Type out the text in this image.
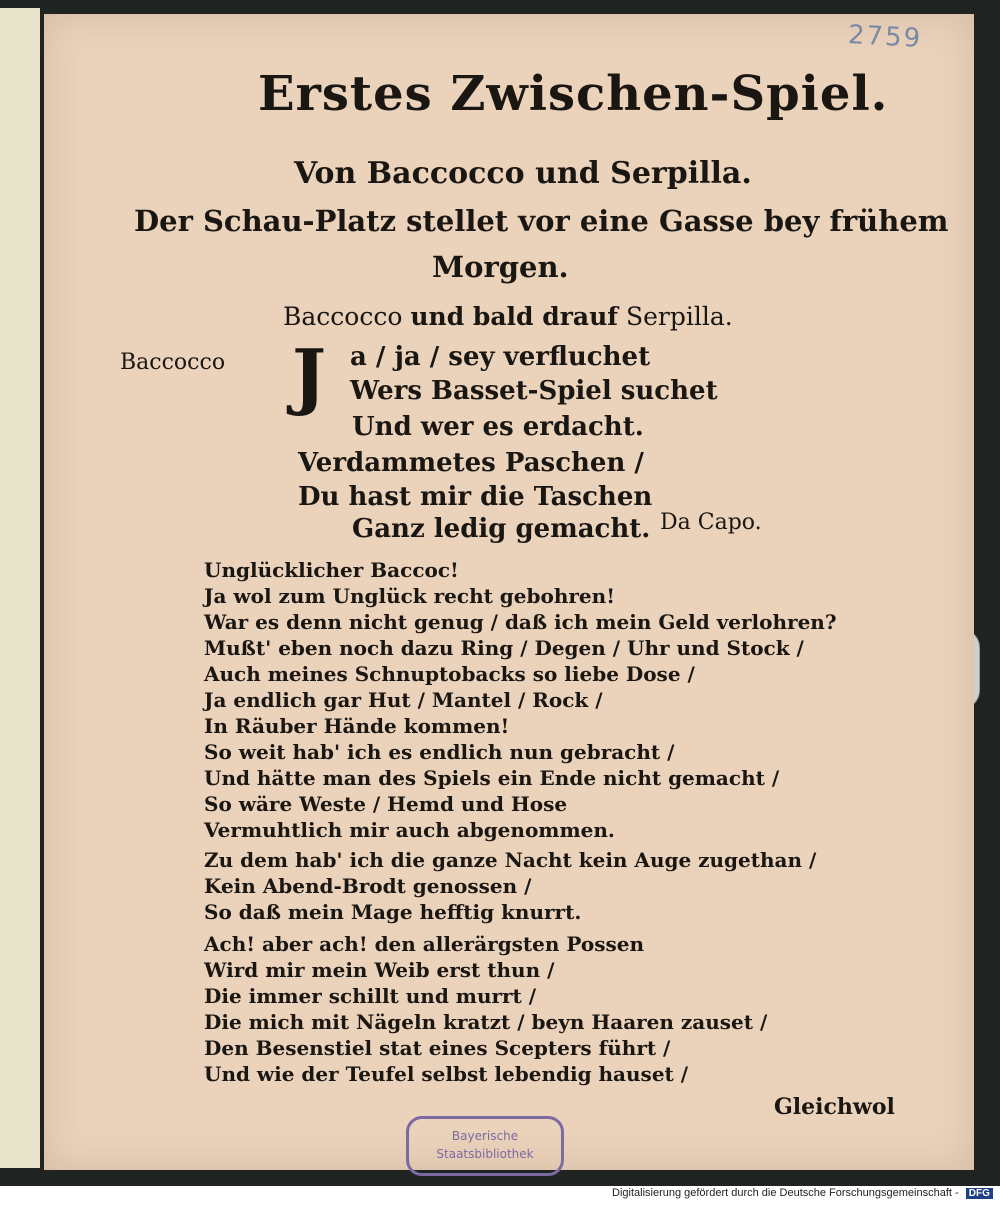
2759
Erstes Zwischen-Spiel.
Von Baccocco und Serpilla.
Der Schau-Platz stellet vor eine Gasse bey frühem
Morgen.
Baccocco und bald drauf Serpilla.
Baccocco J a / ja / sey verfluchet
Wers Basset-Spiel suchet
Und wer es erdacht.
Verdammetes Paschen /
Du hast mir die Taschen
Ganz ledig gemacht. Da Capo.
Unglücklicher Baccoc!
Ja wol zum Unglück recht gebohren!
War es denn nicht genug / daß ich mein Geld verlohren?
Mußt' eben noch dazu Ring / Degen / Uhr und Stock /
Auch meines Schnuptobacks so liebe Dose /
Ja endlich gar Hut / Mantel / Rock /
In Räuber Hände kommen!
So weit hab' ich es endlich nun gebracht /
Und hätte man des Spiels ein Ende nicht gemacht /
So wäre Weste / Hemd und Hose
Vermuhtlich mir auch abgenommen.
Zu dem hab' ich die ganze Nacht kein Auge zugethan /
Kein Abend-Brodt genossen /
So daß mein Mage hefftig knurrt.
Ach! aber ach! den allerärgsten Possen
Wird mir mein Weib erst thun /
Die immer schillt und murrt /
Die mich mit Nägeln kratzt / beyn Haaren zauset /
Den Besenstiel stat eines Scepters führt /
Und wie der Teufel selbst lebendig hauset /
Gleichwol
Bayerische
Staatsbibliothek
Digitalisierung gefördert durch die Deutsche Forschungsgemeinschaft - DFG
